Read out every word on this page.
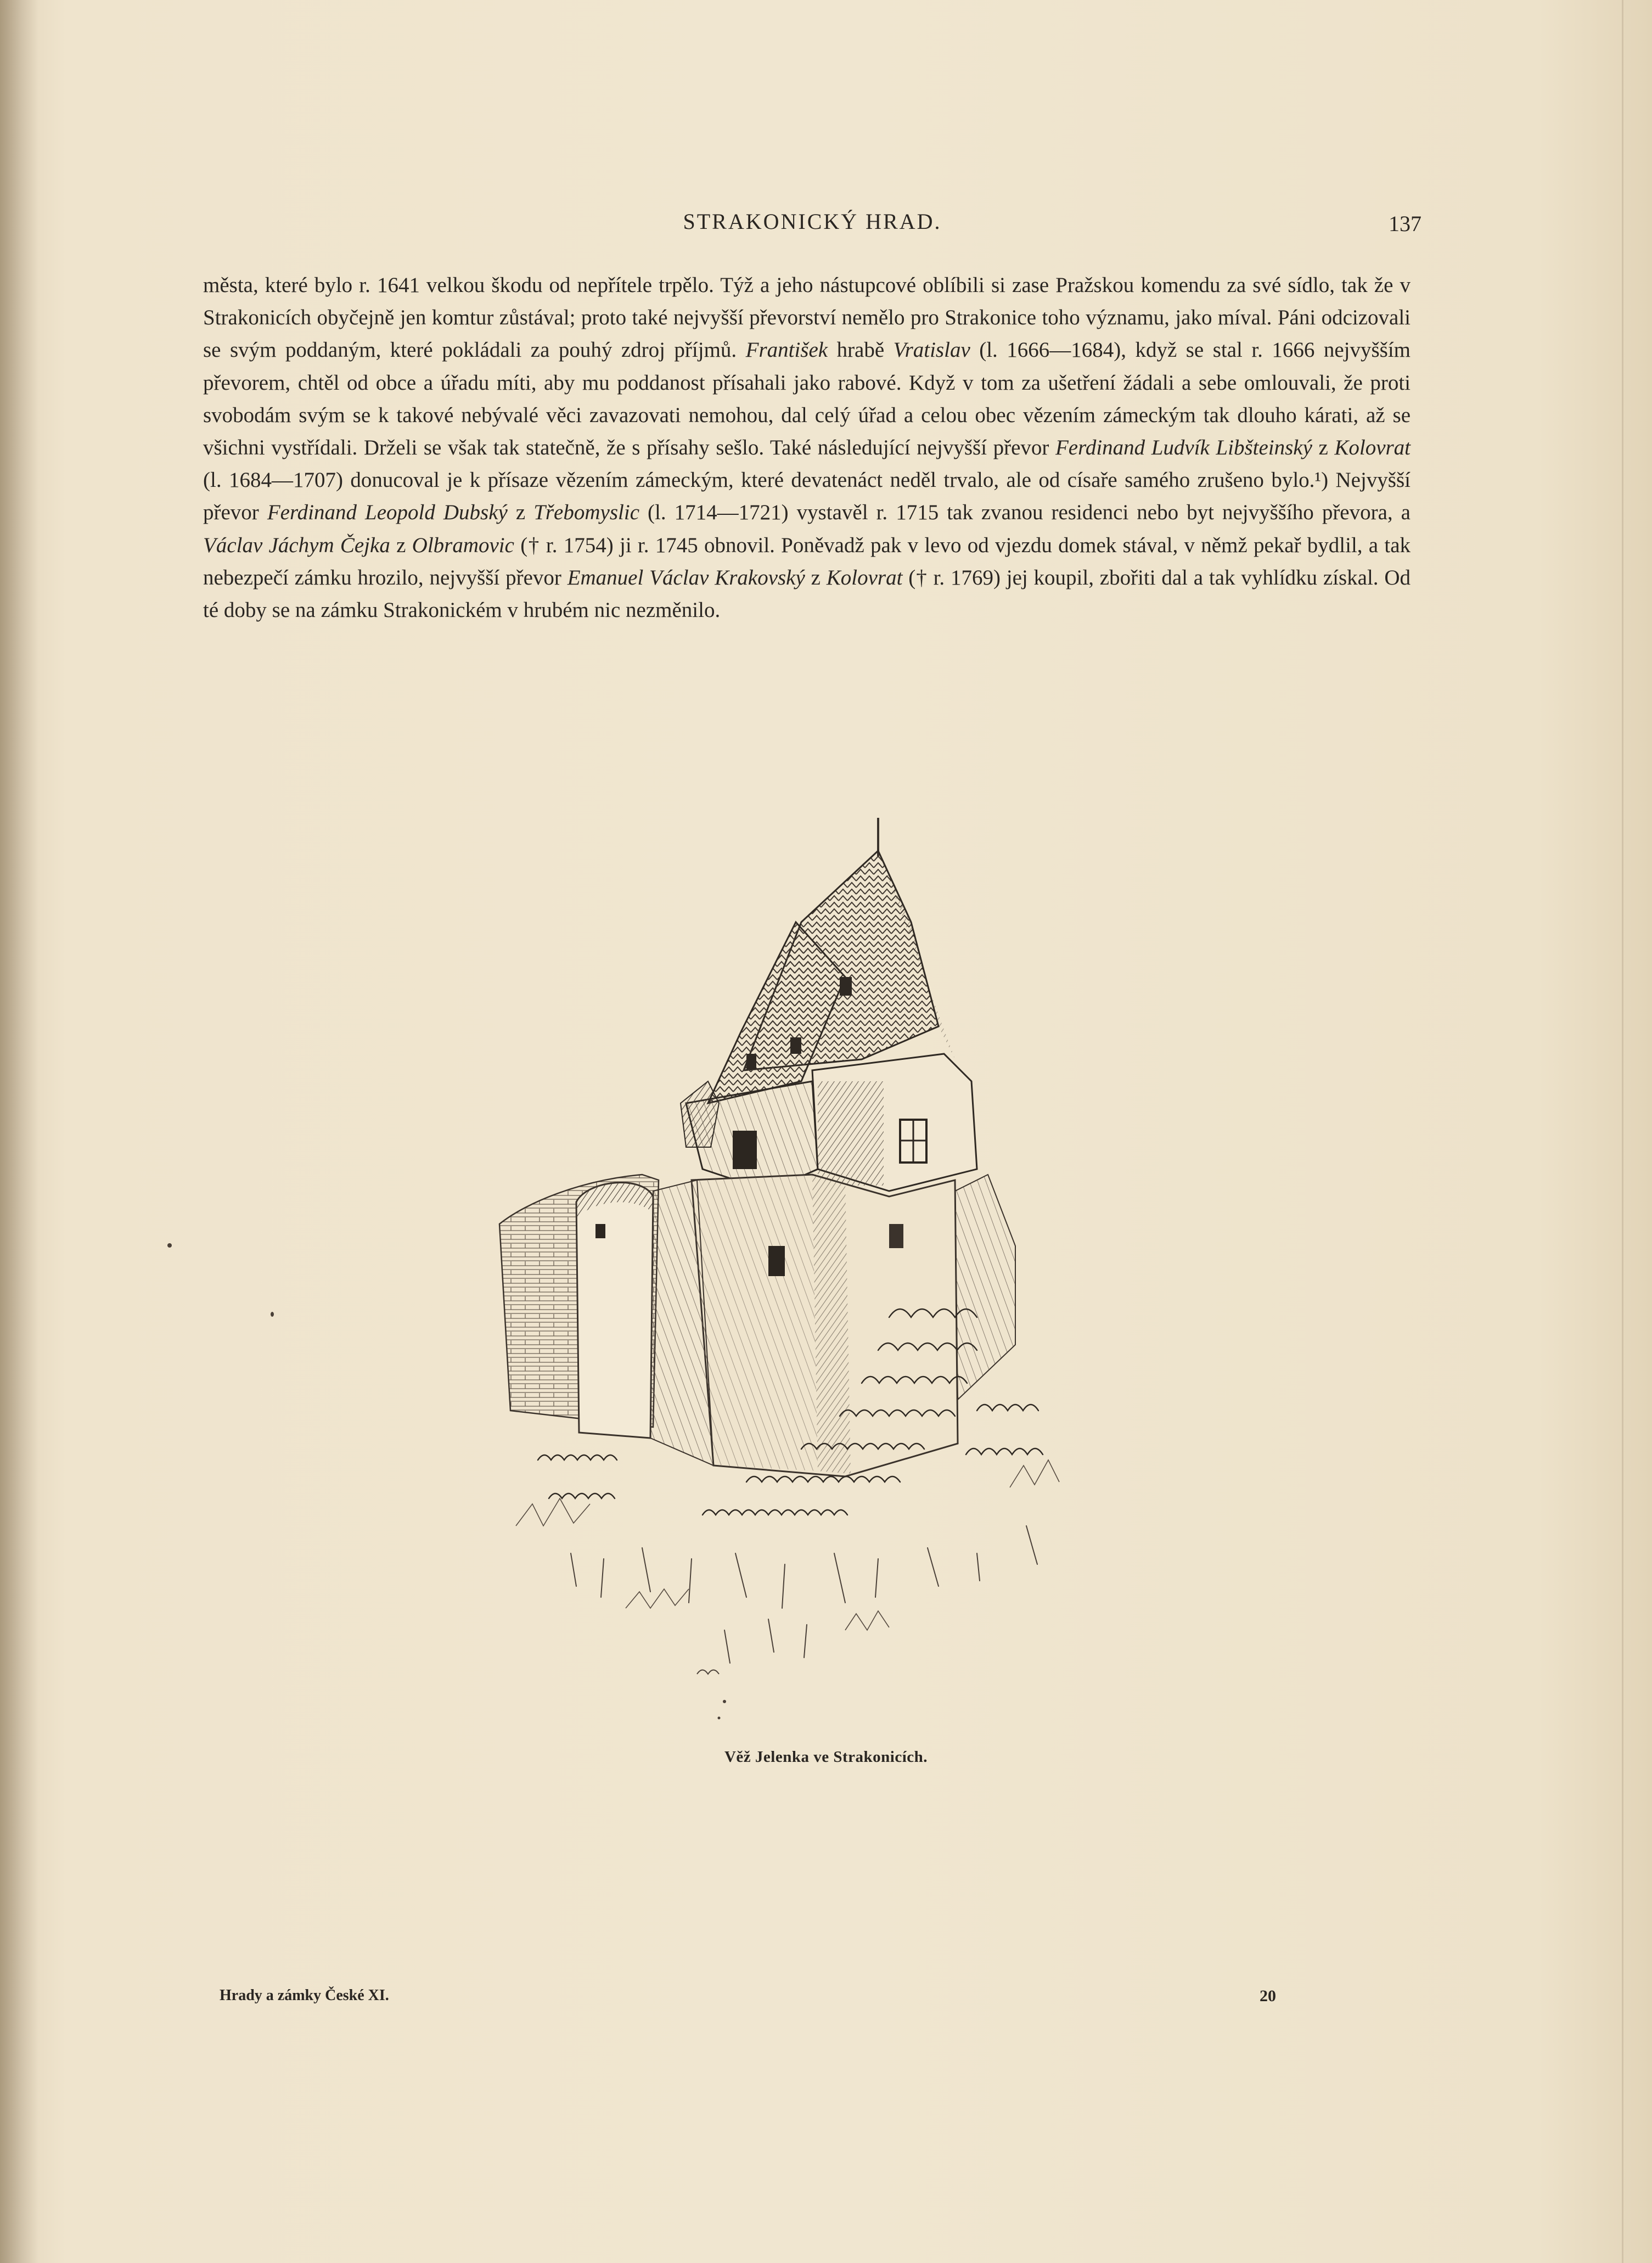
STRAKONICKÝ HRAD.	137

města, které bylo r. 1641 velkou škodu od nepřítele trpělo. Týž a jeho nástupcové oblíbili si zase Pražskou komendu za své sídlo, tak že v Strakonicích obyčejně jen komtur zůstával; proto také nejvyšší převorství nemělo pro Strakonice toho významu, jako míval. Páni odcizovali se svým poddaným, které pokládali za pouhý zdroj příjmů. František hrabě Vratislav (l. 1666—1684), když se stal r. 1666 nejvyšším převorem, chtěl od obce a úřadu míti, aby mu poddanost přísahali jako rabové. Když v tom za ušetření žádali a sebe omlouvali, že proti svobodám svým se k takové nebývalé věci zavazovati nemohou, dal celý úřad a celou obec vězením zámeckým tak dlouho kárati, až se všichni vystřídali. Drželi se však tak statečně, že s přísahy sešlo. Také následující nejvyšší převor Ferdinand Ludvík Libšteinský z Kolovrat (l. 1684—1707) donucoval je k přísaze vězením zámeckým, které devatenáct neděl trvalo, ale od císaře samého zrušeno bylo.¹) Nejvyšší převor Ferdinand Leopold Dubský z Třebomyslic (l. 1714—1721) vystavěl r. 1715 tak zvanou residenci nebo byt nejvyššího převora, a Václav Jáchym Čejka z Olbramovic († r. 1754) ji r. 1745 obnovil. Poněvadž pak v levo od vjezdu domek stával, v němž pekař bydlil, a tak nebezpečí zámku hrozilo, nejvyšší převor Emanuel Václav Krakovský z Kolovrat († r. 1769) jej koupil, zbořiti dal a tak vyhlídku získal. Od té doby se na zámku Strakonickém v hrubém nic nezměnilo.

Věž Jelenka ve Strakonicích.
Hrady a zámky České XI.	20
